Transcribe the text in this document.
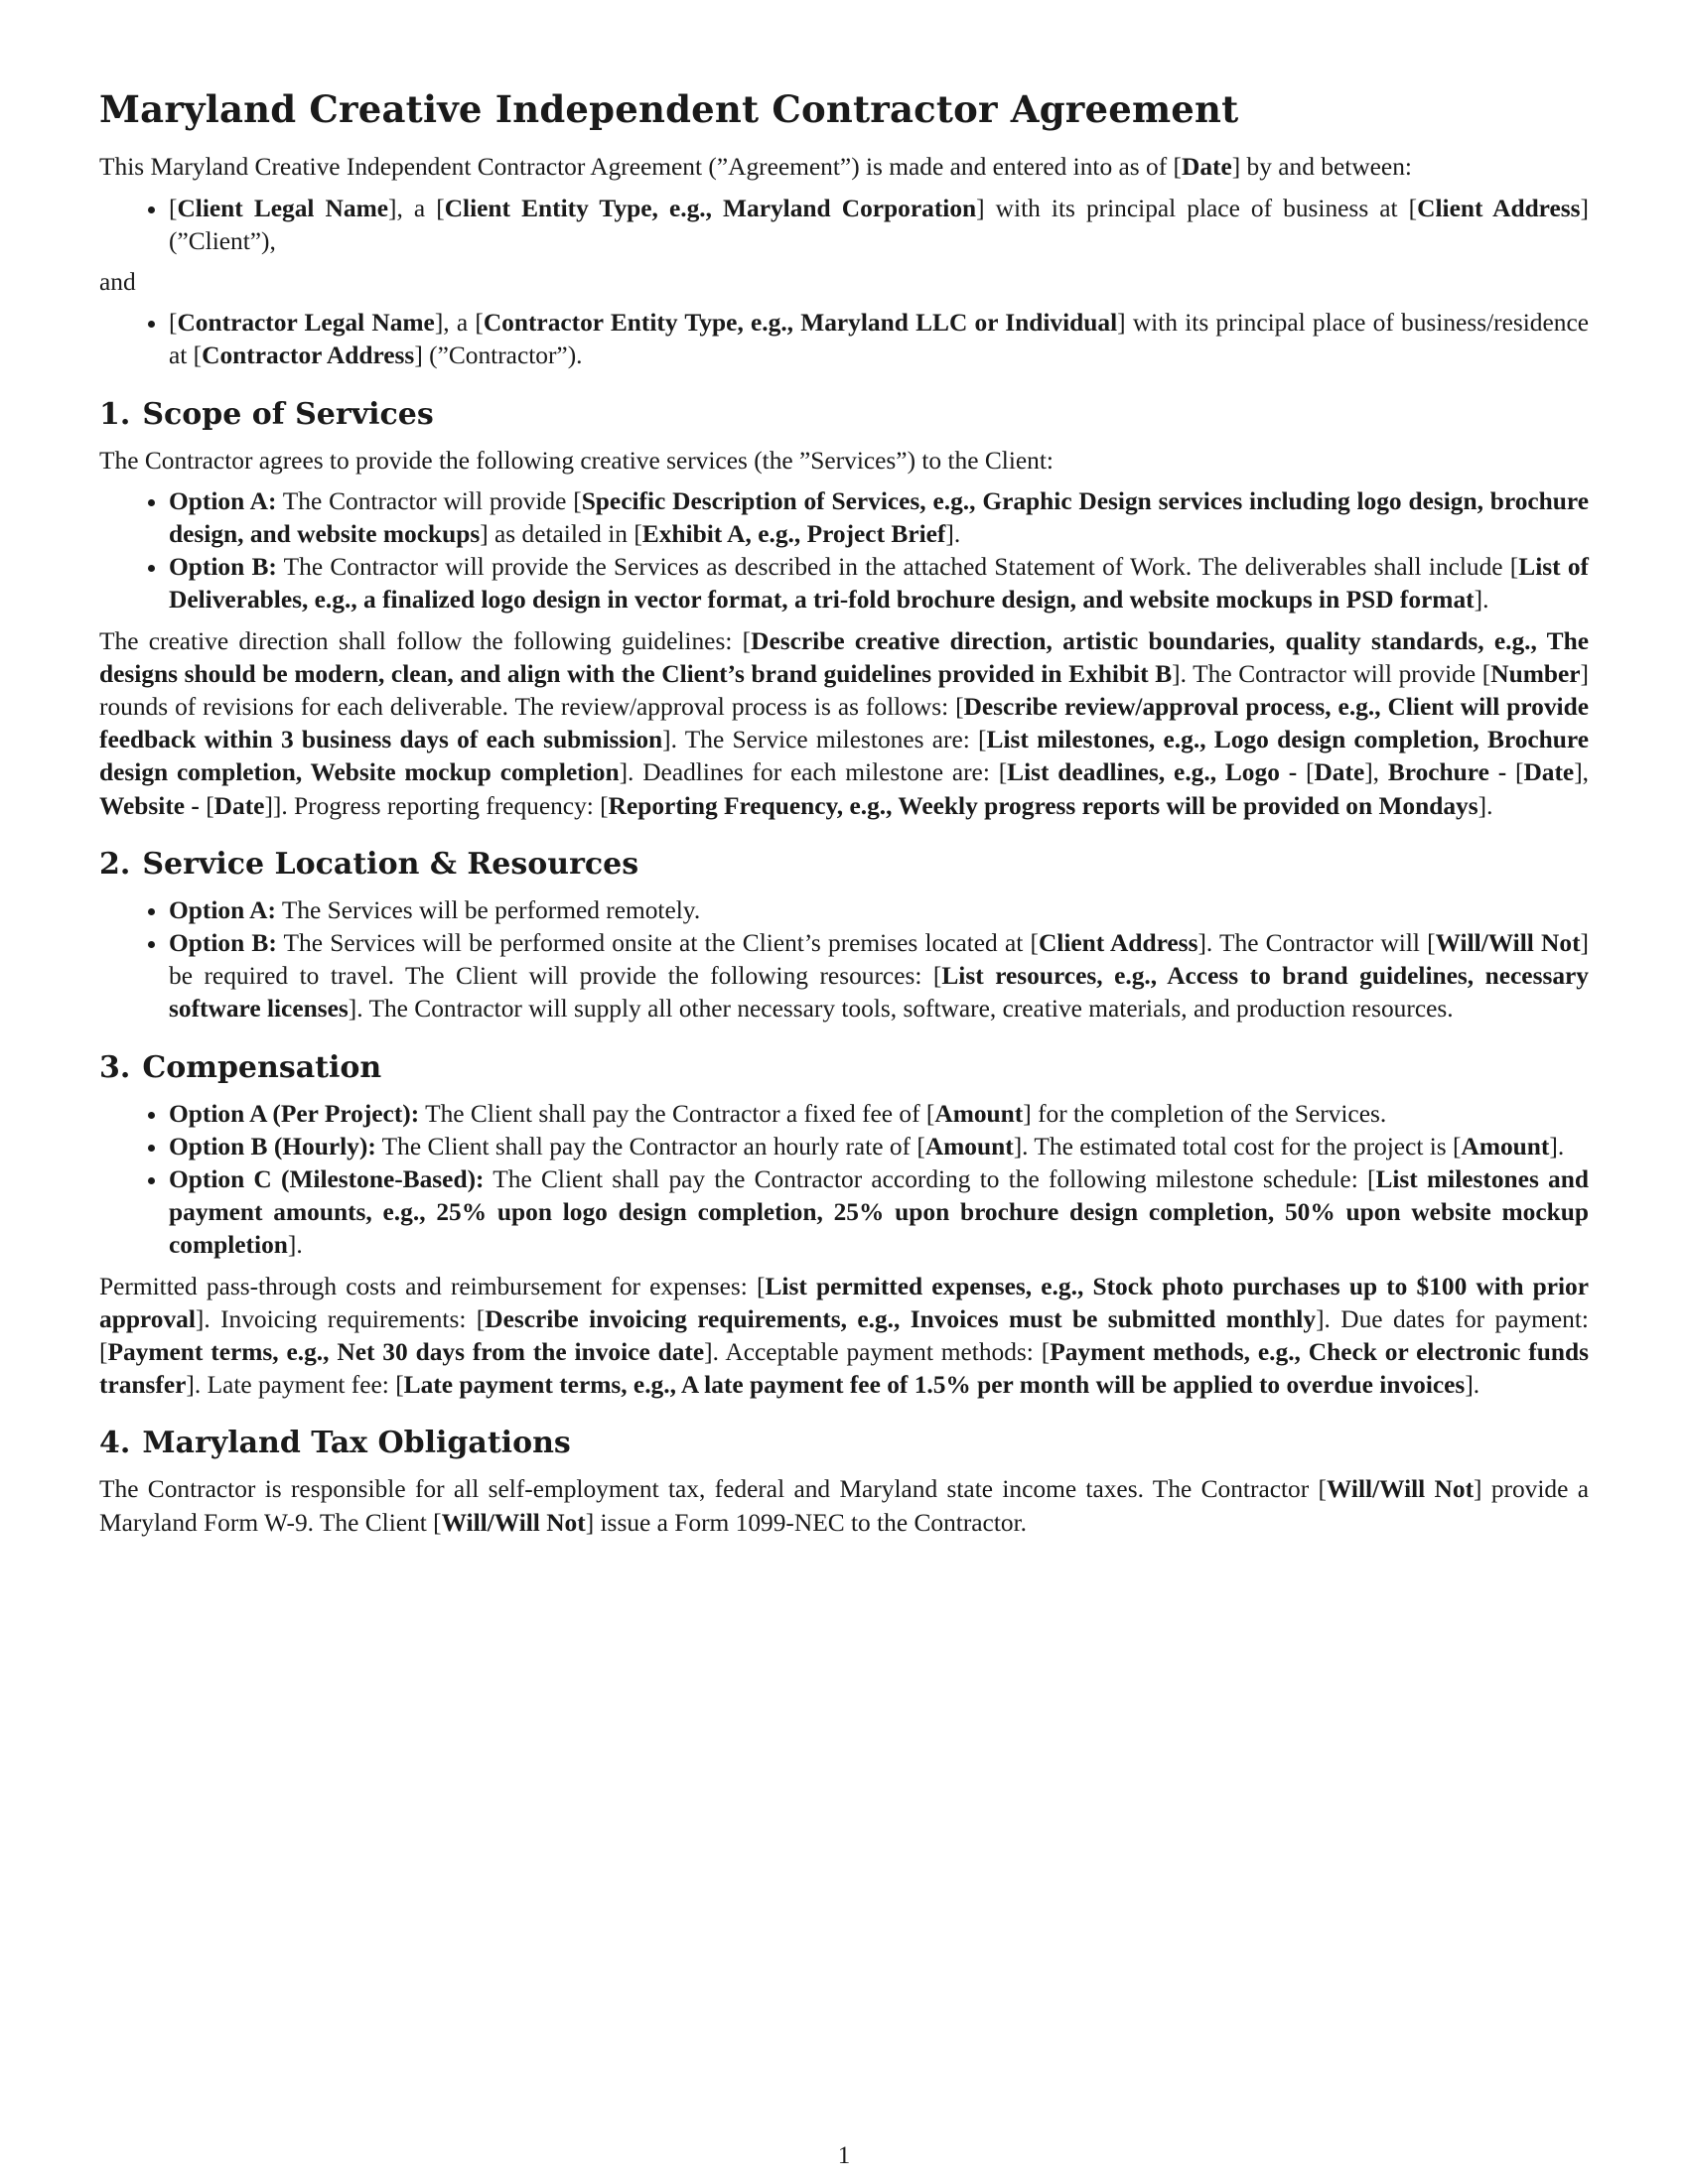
Maryland Creative Independent Contractor Agreement

This Maryland Creative Independent Contractor Agreement (”Agreement”) is made and entered into as of [Date] by and between:

• [Client Legal Name], a [Client Entity Type, e.g., Maryland Corporation] with its principal place of business at [Client Address] (”Client”),

and

• [Contractor Legal Name], a [Contractor Entity Type, e.g., Maryland LLC or Individual] with its principal place of business/residence at [Contractor Address] (”Contractor”).
1. Scope of Services

The Contractor agrees to provide the following creative services (the ”Services”) to the Client:

• Option A: The Contractor will provide [Specific Description of Services, e.g., Graphic Design services including logo design, brochure design, and website mockups] as detailed in [Exhibit A, e.g., Project Brief].
• Option B: The Contractor will provide the Services as described in the attached Statement of Work. The deliverables shall include [List of Deliverables, e.g., a finalized logo design in vector format, a tri-fold brochure design, and website mockups in PSD format].

The creative direction shall follow the following guidelines: [Describe creative direction, artistic boundaries, quality standards, e.g., The designs should be modern, clean, and align with the Client’s brand guidelines provided in Exhibit B]. The Contractor will provide [Number] rounds of revisions for each deliverable. The review/approval process is as follows: [Describe review/approval process, e.g., Client will provide feedback within 3 business days of each submission]. The Service milestones are: [List milestones, e.g., Logo design completion, Brochure design completion, Website mockup completion]. Deadlines for each milestone are: [List deadlines, e.g., Logo - [Date], Brochure - [Date], Website - [Date]]. Progress reporting frequency: [Reporting Frequency, e.g., Weekly progress reports will be provided on Mondays].

2. Service Location & Resources
• Option A: The Services will be performed remotely.
• Option B: The Services will be performed onsite at the Client’s premises located at [Client Address]. The Contractor will [Will/Will Not] be required to travel. The Client will provide the following resources: [List resources, e.g., Access to brand guidelines, necessary software licenses]. The Contractor will supply all other necessary tools, software, creative materials, and production resources.
3. Compensation
• Option A (Per Project): The Client shall pay the Contractor a fixed fee of [Amount] for the completion of the Services.
• Option B (Hourly): The Client shall pay the Contractor an hourly rate of [Amount]. The estimated total cost for the project is [Amount].
• Option C (Milestone-Based): The Client shall pay the Contractor according to the following milestone schedule: [List milestones and payment amounts, e.g., 25% upon logo design completion, 25% upon brochure design completion, 50% upon website mockup completion].

Permitted pass-through costs and reimbursement for expenses: [List permitted expenses, e.g., Stock photo purchases up to $100 with prior approval]. Invoicing requirements: [Describe invoicing requirements, e.g., Invoices must be submitted monthly]. Due dates for payment: [Payment terms, e.g., Net 30 days from the invoice date]. Acceptable payment methods: [Payment methods, e.g., Check or electronic funds transfer]. Late payment fee: [Late payment terms, e.g., A late payment fee of 1.5% per month will be applied to overdue invoices].

4. Maryland Tax Obligations

The Contractor is responsible for all self-employment tax, federal and Maryland state income taxes. The Contractor [Will/Will Not] provide a Maryland Form W-9. The Client [Will/Will Not] issue a Form 1099-NEC to the Contractor.

1
